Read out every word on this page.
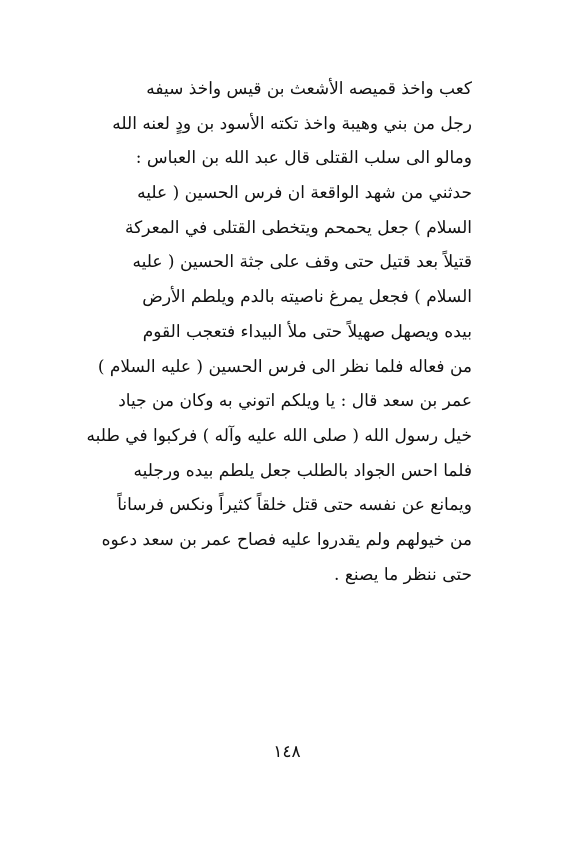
كعب واخذ قميصه الأشعث بن قيس واخذ سيفه
رجل من بني وهيبة واخذ تكته الأسود بن ودٍ لعنه الله
ومالو الى سلب القتلى قال عبد الله بن العباس :
حدثني من شهد الواقعة ان فرس الحسين ( عليه
السلام ) جعل يحمحم ويتخطى القتلى في المعركة
قتيلاً بعد قتيل حتى وقف على جثة الحسين ( عليه
السلام ) فجعل يمرغ ناصيته بالدم ويلطم الأرض
بيده ويصهل صهيلاً حتى ملأ البيداء فتعجب القوم
من فعاله فلما نظر الى فرس الحسين ( عليه السلام )
عمر بن سعد قال : يا ويلكم اتوني به وكان من جياد
خيل رسول الله ( صلى الله عليه وآله ) فركبوا في طلبه
فلما احس الجواد بالطلب جعل يلطم بيده ورجليه
ويمانع عن نفسه حتى قتل خلقاً كثيراً ونكس فرساناً
من خيولهم ولم يقدروا عليه فصاح عمر بن سعد دعوه
حتى ننظر ما يصنع .
١٤٨
